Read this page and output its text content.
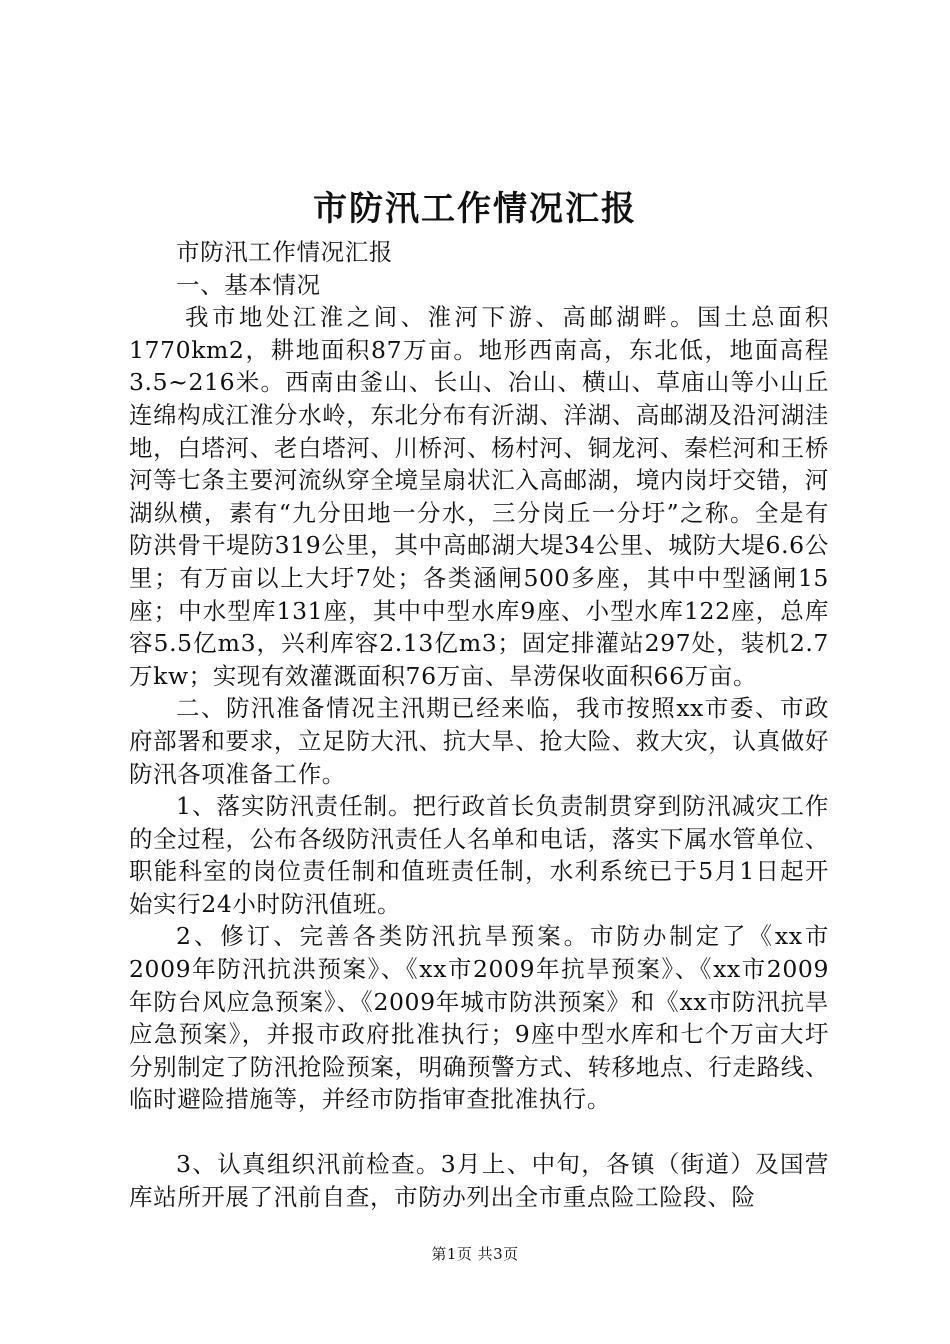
市防汛工作情况汇报

市防汛工作情况汇报

一、基本情况

我市地处江淮之间、淮河下游、高邮湖畔。国土总面积1770km2，耕地面积87万亩。地形西南高，东北低，地面高程3.5~216米。西南由釜山、长山、冶山、横山、草庙山等小山丘连绵构成江淮分水岭，东北分布有沂湖、洋湖、高邮湖及沿河湖洼地，白塔河、老白塔河、川桥河、杨村河、铜龙河、秦栏河和王桥河等七条主要河流纵穿全境呈扇状汇入高邮湖，境内岗圩交错，河湖纵横，素有“九分田地一分水，三分岗丘一分圩”之称。全是有防洪骨干堤防319公里，其中高邮湖大堤34公里、城防大堤6.6公里；有万亩以上大圩7处；各类涵闸500多座，其中中型涵闸15座；中水型库131座，其中中型水库9座、小型水库122座，总库容5.5亿m3，兴利库容2.13亿m3；固定排灌站297处，装机2.7万kw；实现有效灌溉面积76万亩、旱涝保收面积66万亩。

二、防汛准备情况主汛期已经来临，我市按照xx市委、市政府部署和要求，立足防大汛、抗大旱、抢大险、救大灾，认真做好防汛各项准备工作。

1、落实防汛责任制。把行政首长负责制贯穿到防汛减灾工作的全过程，公布各级防汛责任人名单和电话，落实下属水管单位、职能科室的岗位责任制和值班责任制，水利系统已于5月1日起开始实行24小时防汛值班。

2、修订、完善各类防汛抗旱预案。市防办制定了《xx市2009年防汛抗洪预案》、《xx市2009年抗旱预案》、《xx市2009年防台风应急预案》、《2009年城市防洪预案》和《xx市防汛抗旱应急预案》，并报市政府批准执行；9座中型水库和七个万亩大圩分别制定了防汛抢险预案，明确预警方式、转移地点、行走路线、临时避险措施等，并经市防指审查批准执行。

3、认真组织汛前检查。3月上、中旬，各镇（街道）及国营库站所开展了汛前自查，市防办列出全市重点险工险段、险

第1页 共3页
